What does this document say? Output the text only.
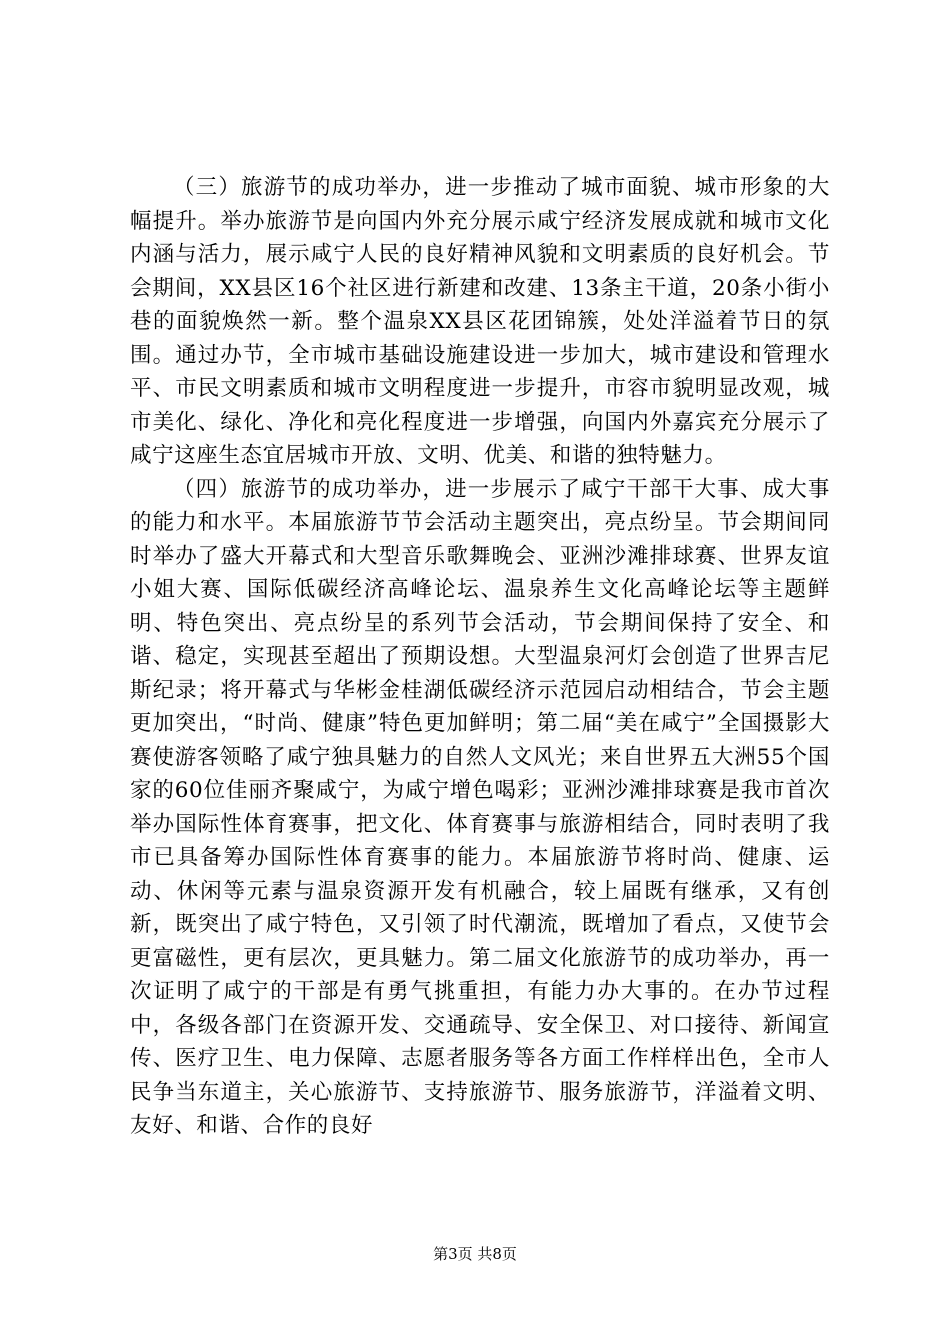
（三）旅游节的成功举办，进一步推动了城市面貌、城市形象的大幅提升。举办旅游节是向国内外充分展示咸宁经济发展成就和城市文化内涵与活力，展示咸宁人民的良好精神风貌和文明素质的良好机会。节会期间，XX县区16个社区进行新建和改建、13条主干道，20条小街小巷的面貌焕然一新。整个温泉XX县区花团锦簇，处处洋溢着节日的氛围。通过办节，全市城市基础设施建设进一步加大，城市建设和管理水平、市民文明素质和城市文明程度进一步提升，市容市貌明显改观，城市美化、绿化、净化和亮化程度进一步增强，向国内外嘉宾充分展示了咸宁这座生态宜居城市开放、文明、优美、和谐的独特魅力。

（四）旅游节的成功举办，进一步展示了咸宁干部干大事、成大事的能力和水平。本届旅游节节会活动主题突出，亮点纷呈。节会期间同时举办了盛大开幕式和大型音乐歌舞晚会、亚洲沙滩排球赛、世界友谊小姐大赛、国际低碳经济高峰论坛、温泉养生文化高峰论坛等主题鲜明、特色突出、亮点纷呈的系列节会活动，节会期间保持了安全、和谐、稳定，实现甚至超出了预期设想。大型温泉河灯会创造了世界吉尼斯纪录；将开幕式与华彬金桂湖低碳经济示范园启动相结合，节会主题更加突出，“时尚、健康”特色更加鲜明；第二届“美在咸宁”全国摄影大赛使游客领略了咸宁独具魅力的自然人文风光；来自世界五大洲55个国家的60位佳丽齐聚咸宁，为咸宁增色喝彩；亚洲沙滩排球赛是我市首次举办国际性体育赛事，把文化、体育赛事与旅游相结合，同时表明了我市已具备筹办国际性体育赛事的能力。本届旅游节将时尚、健康、运动、休闲等元素与温泉资源开发有机融合，较上届既有继承，又有创新，既突出了咸宁特色，又引领了时代潮流，既增加了看点，又使节会更富磁性，更有层次，更具魅力。第二届文化旅游节的成功举办，再一次证明了咸宁的干部是有勇气挑重担，有能力办大事的。在办节过程中，各级各部门在资源开发、交通疏导、安全保卫、对口接待、新闻宣传、医疗卫生、电力保障、志愿者服务等各方面工作样样出色，全市人民争当东道主，关心旅游节、支持旅游节、服务旅游节，洋溢着文明、友好、和谐、合作的良好

第3页 共8页
